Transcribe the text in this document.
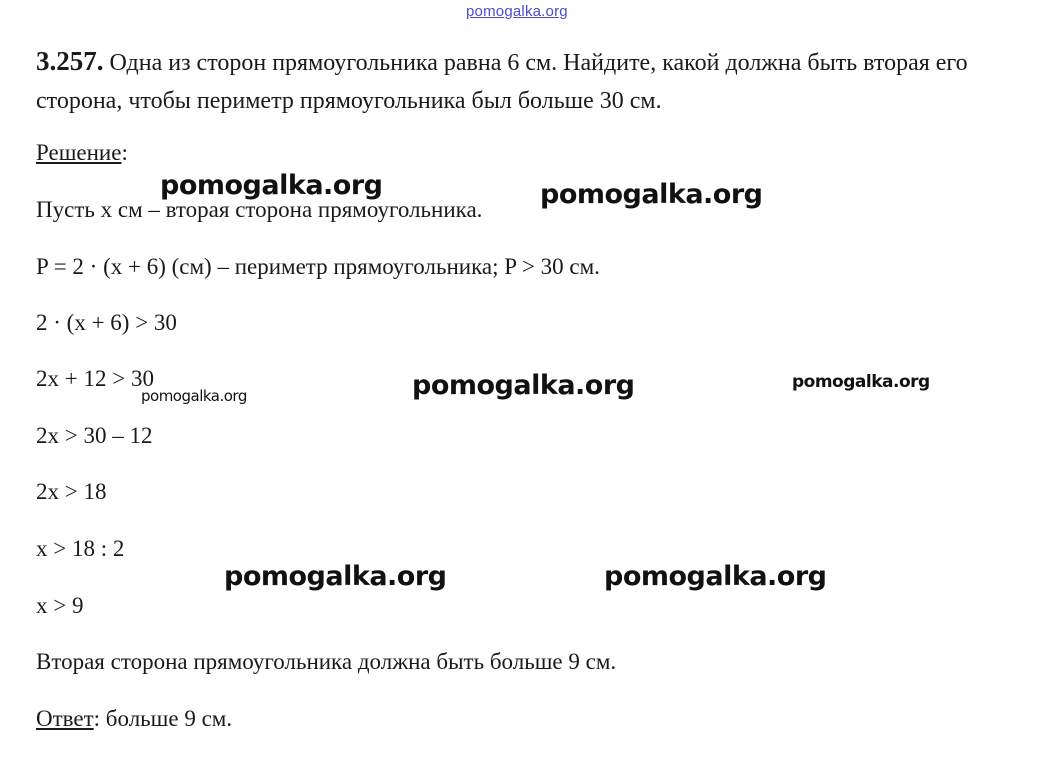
pomogalka.org

3.257. Одна из сторон прямоугольника равна 6 см. Найдите, какой должна быть вторая его сторона, чтобы периметр прямоугольника был больше 30 см.

Решение:

Пусть x см – вторая сторона прямоугольника.

P = 2 · (x + 6) (см) – периметр прямоугольника; P > 30 см.

2 · (x + 6) > 30

2x + 12 > 30

2x > 30 – 12

2x > 18

x > 18 : 2

x > 9

Вторая сторона прямоугольника должна быть больше 9 см.

Ответ: больше 9 см.

pomogalka.org	pomogalka.org
pomogalka.org	pomogalka.org
pomogalka.org
pomogalka.org	pomogalka.org
